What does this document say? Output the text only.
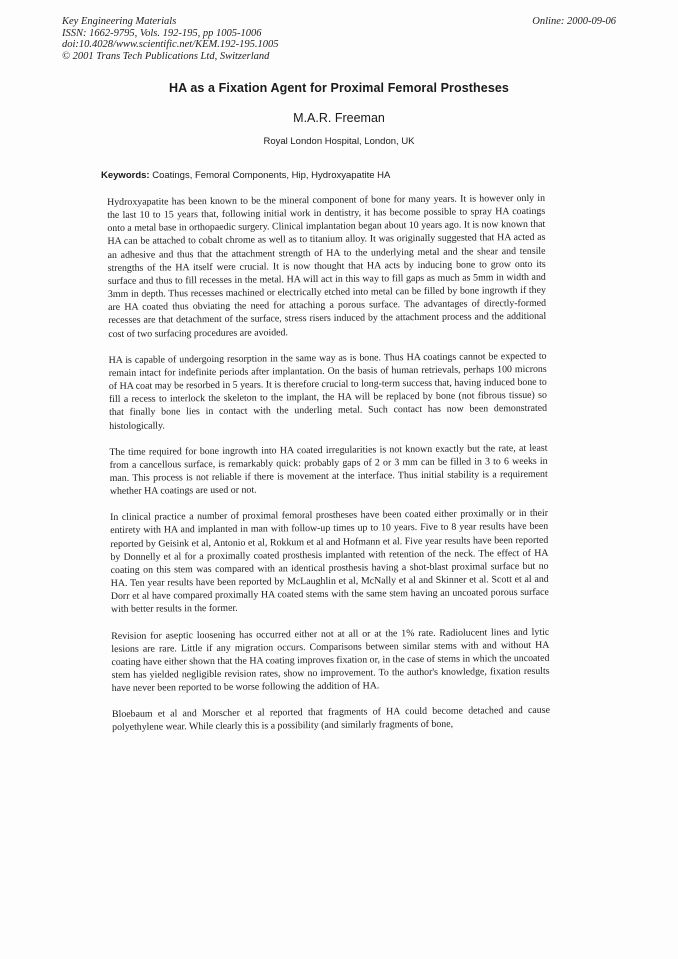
Key Engineering Materials
ISSN: 1662-9795, Vols. 192-195, pp 1005-1006
doi:10.4028/www.scientific.net/KEM.192-195.1005
© 2001 Trans Tech Publications Ltd, Switzerland
Online: 2000-09-06
HA as a Fixation Agent for Proximal Femoral Prostheses
M.A.R. Freeman
Royal London Hospital, London, UK
Keywords: Coatings, Femoral Components, Hip, Hydroxyapatite HA

Hydroxyapatite has been known to be the mineral component of bone for many years. It is however only in the last 10 to 15 years that, following initial work in dentistry, it has become possible to spray HA coatings onto a metal base in orthopaedic surgery. Clinical implantation began about 10 years ago. It is now known that HA can be attached to cobalt chrome as well as to titanium alloy. It was originally suggested that HA acted as an adhesive and thus that the attachment strength of HA to the underlying metal and the shear and tensile strengths of the HA itself were crucial. It is now thought that HA acts by inducing bone to grow onto its surface and thus to fill recesses in the metal. HA will act in this way to fill gaps as much as 5mm in width and 3mm in depth. Thus recesses machined or electrically etched into metal can be filled by bone ingrowth if they are HA coated thus obviating the need for attaching a porous surface. The advantages of directly-formed recesses are that detachment of the surface, stress risers induced by the attachment process and the additional cost of two surfacing procedures are avoided.

HA is capable of undergoing resorption in the same way as is bone. Thus HA coatings cannot be expected to remain intact for indefinite periods after implantation. On the basis of human retrievals, perhaps 100 microns of HA coat may be resorbed in 5 years. It is therefore crucial to long-term success that, having induced bone to fill a recess to interlock the skeleton to the implant, the HA will be replaced by bone (not fibrous tissue) so that finally bone lies in contact with the underling metal. Such contact has now been demonstrated histologically.

The time required for bone ingrowth into HA coated irregularities is not known exactly but the rate, at least from a cancellous surface, is remarkably quick: probably gaps of 2 or 3 mm can be filled in 3 to 6 weeks in man. This process is not reliable if there is movement at the interface. Thus initial stability is a requirement whether HA coatings are used or not.

In clinical practice a number of proximal femoral prostheses have been coated either proximally or in their entirety with HA and implanted in man with follow-up times up to 10 years. Five to 8 year results have been reported by Geisink et al, Antonio et al, Rokkum et al and Hofmann et al. Five year results have been reported by Donnelly et al for a proximally coated prosthesis implanted with retention of the neck. The effect of HA coating on this stem was compared with an identical prosthesis having a shot-blast proximal surface but no HA. Ten year results have been reported by McLaughlin et al, McNally et al and Skinner et al. Scott et al and Dorr et al have compared proximally HA coated stems with the same stem having an uncoated porous surface with better results in the former.

Revision for aseptic loosening has occurred either not at all or at the 1% rate. Radiolucent lines and lytic lesions are rare. Little if any migration occurs. Comparisons between similar stems with and without HA coating have either shown that the HA coating improves fixation or, in the case of stems in which the uncoated stem has yielded negligible revision rates, show no improvement. To the author's knowledge, fixation results have never been reported to be worse following the addition of HA.

Bloebaum et al and Morscher et al reported that fragments of HA could become detached and cause polyethylene wear. While clearly this is a possibility (and similarly fragments of bone,
